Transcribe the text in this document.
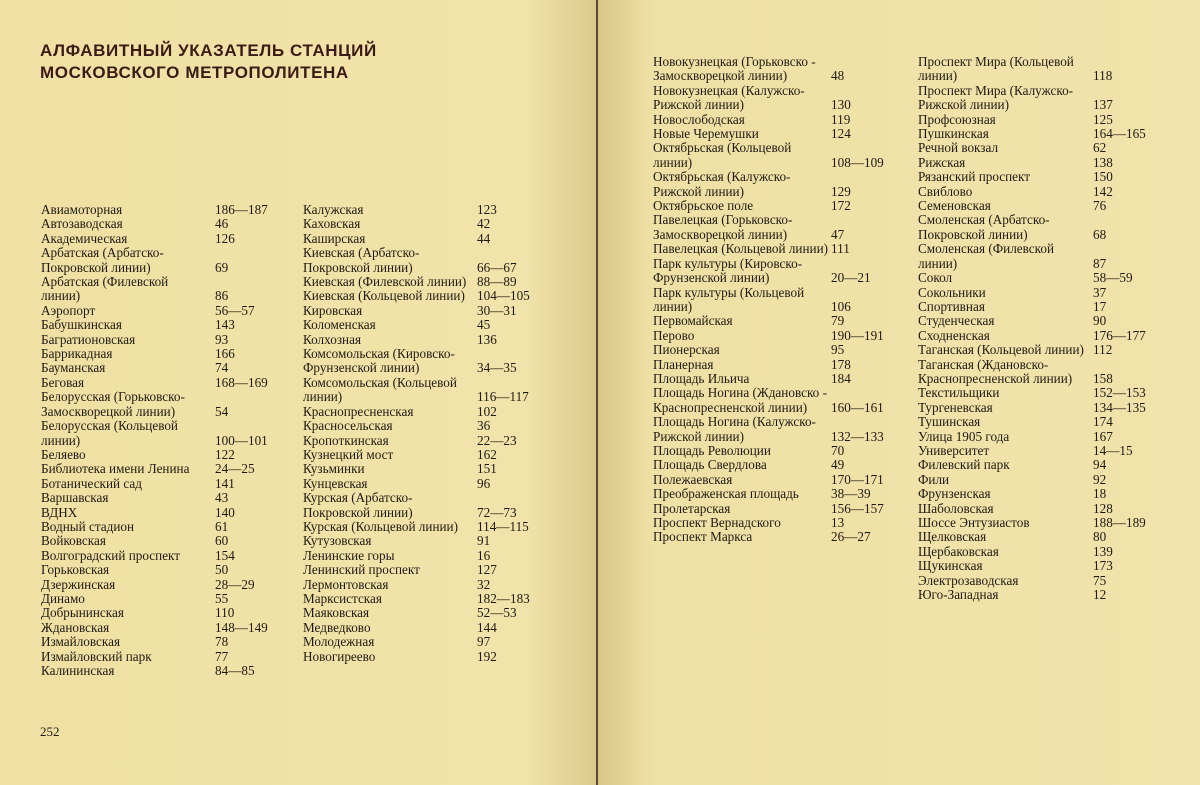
АЛФАВИТНЫЙ УКАЗАТЕЛЬ СТАНЦИЙ
МОСКОВСКОГО МЕТРОПОЛИТЕНА
252
Авиамоторная	186—187
Автозаводская	46
Академическая	126
Арбатская (Арбатско-Покровской линии)	69
Арбатская (Филевской линии)	86
Аэропорт	56—57
Бабушкинская	143
Багратионовская	93
Баррикадная	166
Бауманская	74
Беговая	168—169
Белорусская (Горьковско-Замоскворецкой линии)	54
Белорусская (Кольцевой линии)	100—101
Беляево	122
Библиотека имени Ленина	24—25
Ботанический сад	141
Варшавская	43
ВДНХ	140
Водный стадион	61
Войковская	60
Волгоградский проспект	154
Горьковская	50
Дзержинская	28—29
Динамо	55
Добрынинская	110
Ждановская	148—149
Измайловская	78
Измайловский парк	77
Калининская	84—85
Калужская	123
Каховская	42
Каширская	44
Киевская (Арбатско-Покровской линии)	66—67
Киевская (Филевской линии) 88—89
Киевская (Кольцевой линии) 104—105
Кировская	30—31
Коломенская	45
Колхозная	136
Комсомольская (Кировско-Фрунзенской линии)	34—35
Комсомольская (Кольцевой линии)	116—117
Краснопресненская	102
Красносельская	36
Кропоткинская	22—23
Кузнецкий мост	162
Кузьминки	151
Кунцевская	96
Курская (Арбатско-Покровской линии)	72—73
Курская (Кольцевой линии)	114—115
Кутузовская	91
Ленинские горы	16
Ленинский проспект	127
Лермонтовская	32
Марксистская	182—183
Маяковская	52—53
Медведково	144
Молодежная	97
Новогиреево	192
Новокузнецкая (Горьковско - Замоскворецкой линии)	48
Новокузнецкая (Калужско-Рижской линии)	130
Новослободская	119
Новые Черемушки	124
Октябрьская (Кольцевой линии)	108—109
Октябрьская (Калужско-Рижской линии)	129
Октябрьское поле	172
Павелецкая (Горьковско-Замоскворецкой линии)	47
Павелецкая (Кольцевой линии) 111
Парк культуры (Кировско-Фрунзенской линии)	20—21
Парк культуры (Кольцевой линии)	106
Первомайская	79
Перово	190—191
Пионерская	95
Планерная	178
Площадь Ильича	184
Площадь Ногина (Ждановско - Краснопресненской линии)	160—161
Площадь Ногина (Калужско-Рижской линии)	132—133
Площадь Революции	70
Площадь Свердлова	49
Полежаевская	170—171
Преображенская площадь	38—39
Пролетарская	156—157
Проспект Вернадского	13
Проспект Маркса	26—27
Проспект Мира (Кольцевой линии)	118
Проспект Мира (Калужско-Рижской линии)	137
Профсоюзная	125
Пушкинская	164—165
Речной вокзал	62
Рижская	138
Рязанский проспект	150
Свиблово	142
Семеновская	76
Смоленская (Арбатско-Покровской линии)	68
Смоленская (Филевской линии)	87
Сокол	58—59
Сокольники	37
Спортивная	17
Студенческая	90
Сходненская	176—177
Таганская (Кольцевой линии) 112
Таганская (Ждановско-Краснопресненской линии)	158
Текстильщики	152—153
Тургеневская	134—135
Тушинская	174
Улица 1905 года	167
Университет	14—15
Филевский парк	94
Фили	92
Фрунзенская	18
Шаболовская	128
Шоссе Энтузиастов	188—189
Щелковская	80
Щербаковская	139
Щукинская	173
Электрозаводская	75
Юго-Западная	12
